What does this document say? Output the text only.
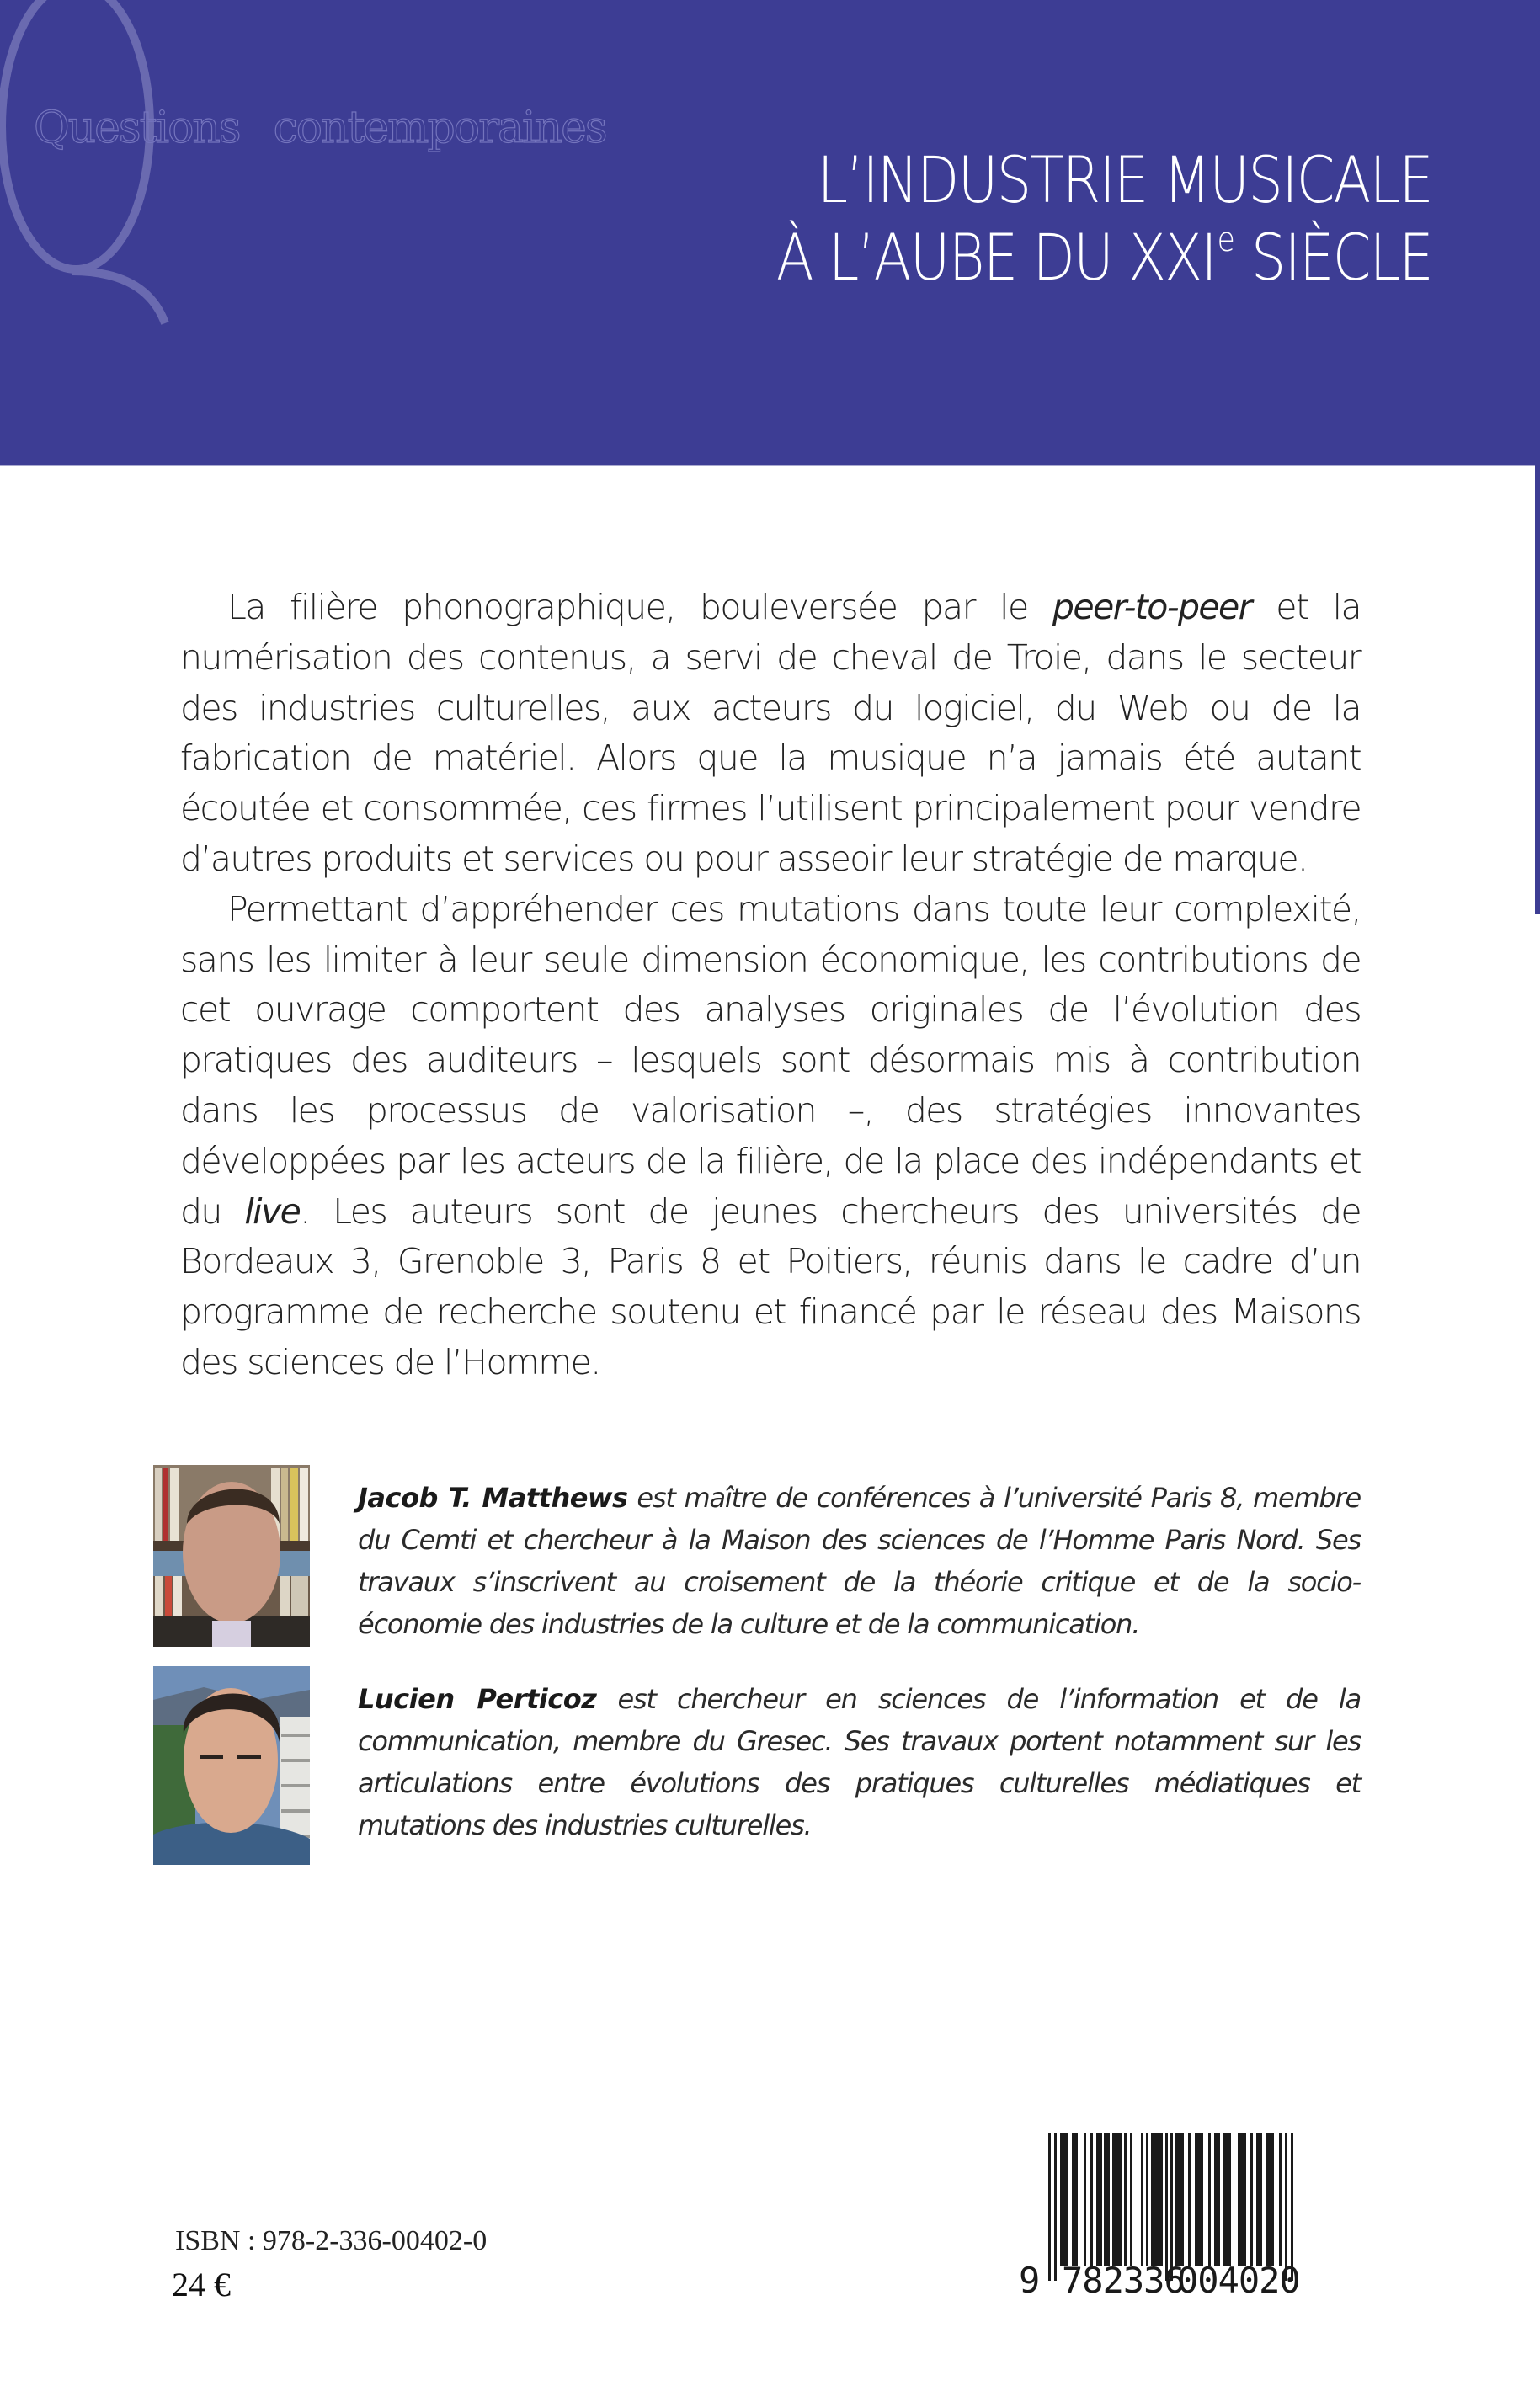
Questions contemporaines
L’INDUSTRIE MUSICALE
À L’AUBE DU XXIe SIÈCLE

La filière phonographique, bouleversée par le peer-to-peer et la numérisation des contenus, a servi de cheval de Troie, dans le secteur des industries culturelles, aux acteurs du logiciel, du Web ou de la fabrication de matériel. Alors que la musique n’a jamais été autant écoutée et consommée, ces firmes l’utilisent principalement pour vendre d’autres produits et services ou pour asseoir leur stratégie de marque.

Permettant d’appréhender ces mutations dans toute leur complexité, sans les limiter à leur seule dimension économique, les contributions de cet ouvrage comportent des analyses originales de l’évolution des pratiques des auditeurs – lesquels sont désormais mis à contribution dans les processus de valorisation –, des stratégies innovantes développées par les acteurs de la filière, de la place des indépendants et du live. Les auteurs sont de jeunes chercheurs des universités de Bordeaux 3, Grenoble 3, Paris 8 et Poitiers, réunis dans le cadre d’un programme de recherche soutenu et financé par le réseau des Maisons des sciences de l’Homme.

Jacob T. Matthews est maître de conférences à l’université Paris 8, membre du Cemti et chercheur à la Maison des sciences de l’Homme Paris Nord. Ses travaux s’inscrivent au croisement de la théorie critique et de la socio-économie des industries de la culture et de la communication.
Lucien Perticoz est chercheur en sciences de l’information et de la communication, membre du Gresec. Ses travaux portent notamment sur les articulations entre évolutions des pratiques culturelles médiatiques et mutations des industries culturelles.
ISBN : 978-2-336-00402-0
24 €	9 782336
004020
